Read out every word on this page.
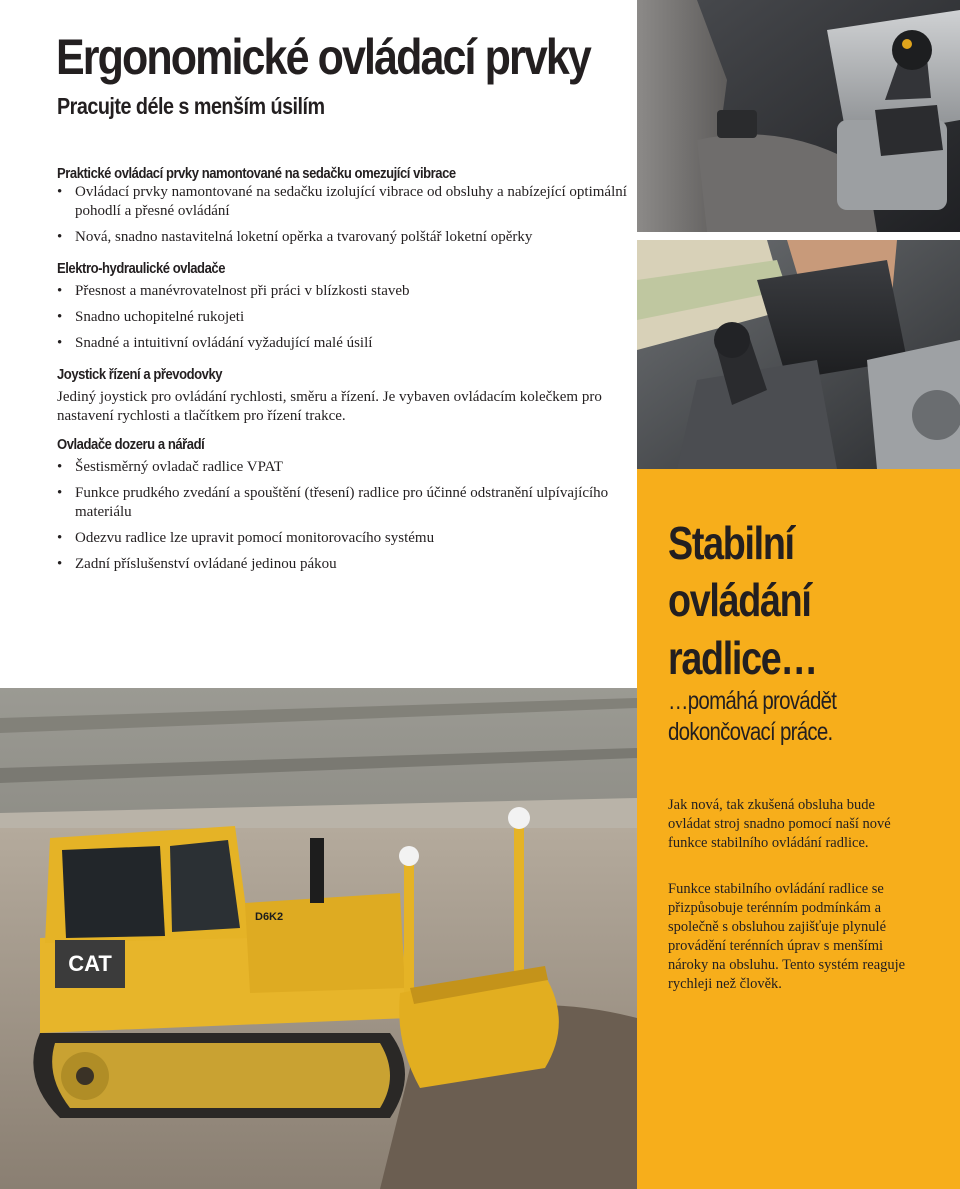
Ergonomické ovládací prvky
Pracujte déle s menším úsilím
Praktické ovládací prvky namontované na sedačku omezující vibrace
• Ovládací prvky namontované na sedačku izolující vibrace od obsluhy a nabízející optimální pohodlí a přesné ovládání
• Nová, snadno nastavitelná loketní opěrka a tvarovaný polštář loketní opěrky
Elektro-hydraulické ovladače
• Přesnost a manévrovatelnost při práci v blízkosti staveb
• Snadno uchopitelné rukojeti
• Snadné a intuitivní ovládání vyžadující malé úsilí
Joystick řízení a převodovky

Jediný joystick pro ovládání rychlosti, směru a řízení. Je vybaven ovládacím kolečkem pro nastavení rychlosti a tlačítkem pro řízení trakce.

Ovladače dozeru a nářadí
• Šestisměrný ovladač radlice VPAT
• Funkce prudkého zvedání a spouštění (třesení) radlice pro účinné odstranění ulpívajícího materiálu
• Odezvu radlice lze upravit pomocí monitorovacího systému
• Zadní příslušenství ovládané jedinou pákou
CAT
D6K2

Stabilní

ovládání

radlice…

…pomáhá provádět

dokončovací práce.

Jak nová, tak zkušená obsluha bude ovládat stroj snadno pomocí naší nové funkce stabilního ovládání radlice.

Funkce stabilního ovládání radlice se přizpůsobuje terénním podmínkám a společně s obsluhou zajišťuje plynulé provádění terénních úprav s menšími nároky na obsluhu. Tento systém reaguje rychleji než člověk.
